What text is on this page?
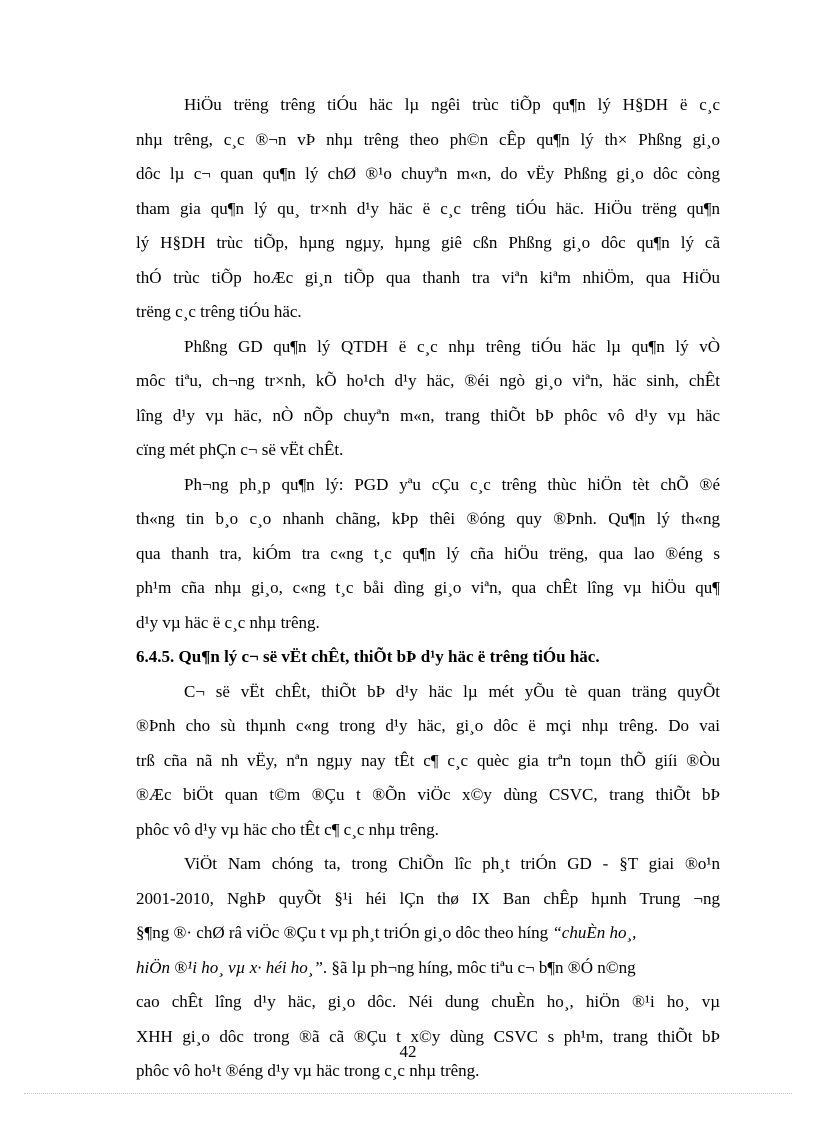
HiÖu trëng trêng tiÓu häc lµ ngêi trùc tiÕp qu¶n lý H§DH ë c¸c
nhµ trêng, c¸c ®¬n vÞ nhµ trêng theo ph©n cÊp qu¶n lý th× Phßng gi¸o
dôc lµ c¬ quan qu¶n lý chØ ®¹o chuyªn m«n, do vËy Phßng gi¸o dôc còng
tham gia qu¶n lý qu¸ tr×nh d¹y häc ë c¸c trêng tiÓu häc. HiÖu trëng qu¶n
lý H§DH trùc tiÕp, hµng ngµy, hµng giê cßn Phßng gi¸o dôc qu¶n lý cã
thÓ trùc tiÕp hoÆc gi¸n tiÕp qua thanh tra viªn kiªm nhiÖm, qua HiÖu
trëng c¸c trêng tiÓu häc.
Phßng GD qu¶n lý QTDH ë c¸c nhµ trêng tiÓu häc lµ qu¶n lý vÒ
môc tiªu, ch¬ng tr×nh, kÕ ho¹ch d¹y häc, ®éi ngò gi¸o viªn, häc sinh, chÊt
lîng d¹y vµ häc, nÒ nÕp chuyªn m«n, trang thiÕt bÞ phôc vô d¹y vµ häc
cïng mét phÇn c¬ së vËt chÊt.
Ph¬ng ph¸p qu¶n lý: PGD yªu cÇu c¸c trêng thùc hiÖn tèt chÕ ®é
th«ng tin b¸o c¸o nhanh chãng, kÞp thêi ®óng quy ®Þnh. Qu¶n lý th«ng
qua thanh tra, kiÓm tra c«ng t¸c qu¶n lý cña hiÖu trëng, qua lao ®éng s
ph¹m cña nhµ gi¸o, c«ng t¸c båi dìng gi¸o viªn, qua chÊt lîng vµ hiÖu qu¶
d¹y vµ häc ë c¸c nhµ trêng.
6.4.5. Qu¶n lý c¬ së vËt chÊt, thiÕt bÞ d¹y häc ë trêng tiÓu häc.
C¬ së vËt chÊt, thiÕt bÞ d¹y häc lµ mét yÕu tè quan träng quyÕt
®Þnh cho sù thµnh c«ng trong d¹y häc, gi¸o dôc ë mçi nhµ trêng. Do vai
trß cña nã nh vËy, nªn ngµy nay tÊt c¶ c¸c quèc gia trªn toµn thÕ giíi ®Òu
®Æc biÖt quan t©m ®Çu t ®Õn viÖc x©y dùng CSVC, trang thiÕt bÞ
phôc vô d¹y vµ häc cho tÊt c¶ c¸c nhµ trêng.
ViÖt Nam chóng ta, trong ChiÕn lîc ph¸t triÓn GD - §T giai ®o¹n
2001-2010, NghÞ quyÕt §¹i héi lÇn thø IX Ban chÊp hµnh Trung ¬ng
§¶ng ®· chØ râ viÖc ®Çu t vµ ph¸t triÓn gi¸o dôc theo híng “chuÈn ho¸,
hiÖn ®¹i ho¸ vµ x· héi ho¸”. §ã lµ ph¬ng híng, môc tiªu c¬ b¶n ®Ó n©ng
cao chÊt lîng d¹y häc, gi¸o dôc. Néi dung chuÈn ho¸, hiÖn ®¹i ho¸ vµ
XHH gi¸o dôc trong ®ã cã ®Çu t x©y dùng CSVC s ph¹m, trang thiÕt bÞ
phôc vô ho¹t ®éng d¹y vµ häc trong c¸c nhµ trêng.
42
